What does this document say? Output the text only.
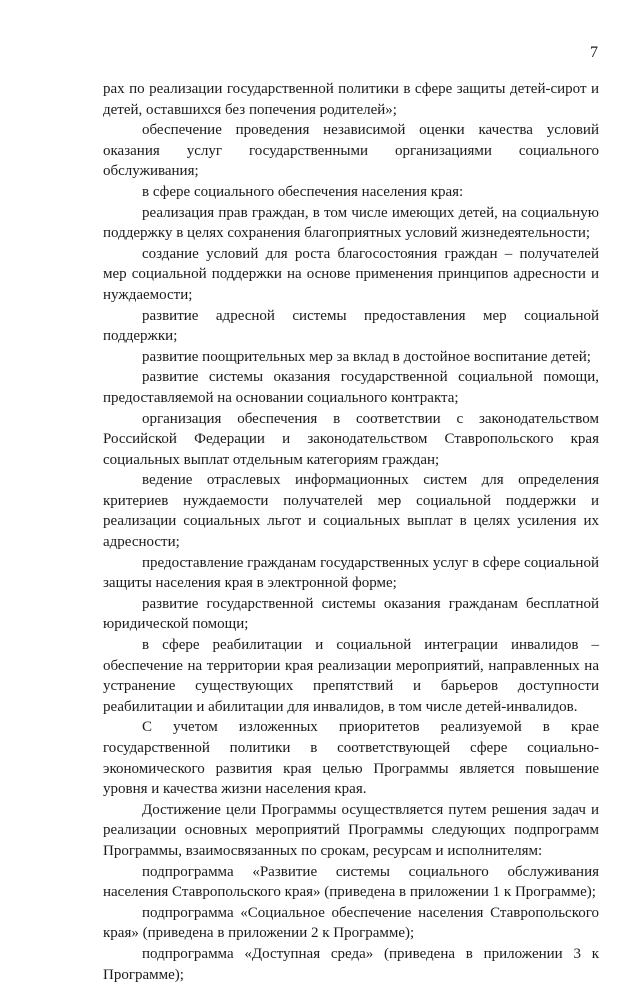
7

рах по реализации государственной политики в сфере защиты детей-сирот и детей, оставшихся без попечения родителей»;

обеспечение проведения независимой оценки качества условий оказания услуг государственными организациями социального обслуживания;

в сфере социального обеспечения населения края:

реализация прав граждан, в том числе имеющих детей, на социальную поддержку в целях сохранения благоприятных условий жизнедеятельности;

создание условий для роста благосостояния граждан – получателей мер социальной поддержки на основе применения принципов адресности и нуждаемости;

развитие адресной системы предоставления мер социальной поддержки;

развитие поощрительных мер за вклад в достойное воспитание детей;

развитие системы оказания государственной социальной помощи, предоставляемой на основании социального контракта;

организация обеспечения в соответствии с законодательством Российской Федерации и законодательством Ставропольского края социальных выплат отдельным категориям граждан;

ведение отраслевых информационных систем для определения критериев нуждаемости получателей мер социальной поддержки и реализации социальных льгот и социальных выплат в целях усиления их адресности;

предоставление гражданам государственных услуг в сфере социальной защиты населения края в электронной форме;

развитие государственной системы оказания гражданам бесплатной юридической помощи;

в сфере реабилитации и социальной интеграции инвалидов – обеспечение на территории края реализации мероприятий, направленных на устранение существующих препятствий и барьеров доступности реабилитации и абилитации для инвалидов, в том числе детей-инвалидов.

С учетом изложенных приоритетов реализуемой в крае государственной политики в соответствующей сфере социально-экономического развития края целью Программы является повышение уровня и качества жизни населения края.

Достижение цели Программы осуществляется путем решения задач и реализации основных мероприятий Программы следующих подпрограмм Программы, взаимосвязанных по срокам, ресурсам и исполнителям:

подпрограмма «Развитие системы социального обслуживания населения Ставропольского края» (приведена в приложении 1 к Программе);

подпрограмма «Социальное обеспечение населения Ставропольского края» (приведена в приложении 2 к Программе);

подпрограмма «Доступная среда» (приведена в приложении 3 к Программе);
